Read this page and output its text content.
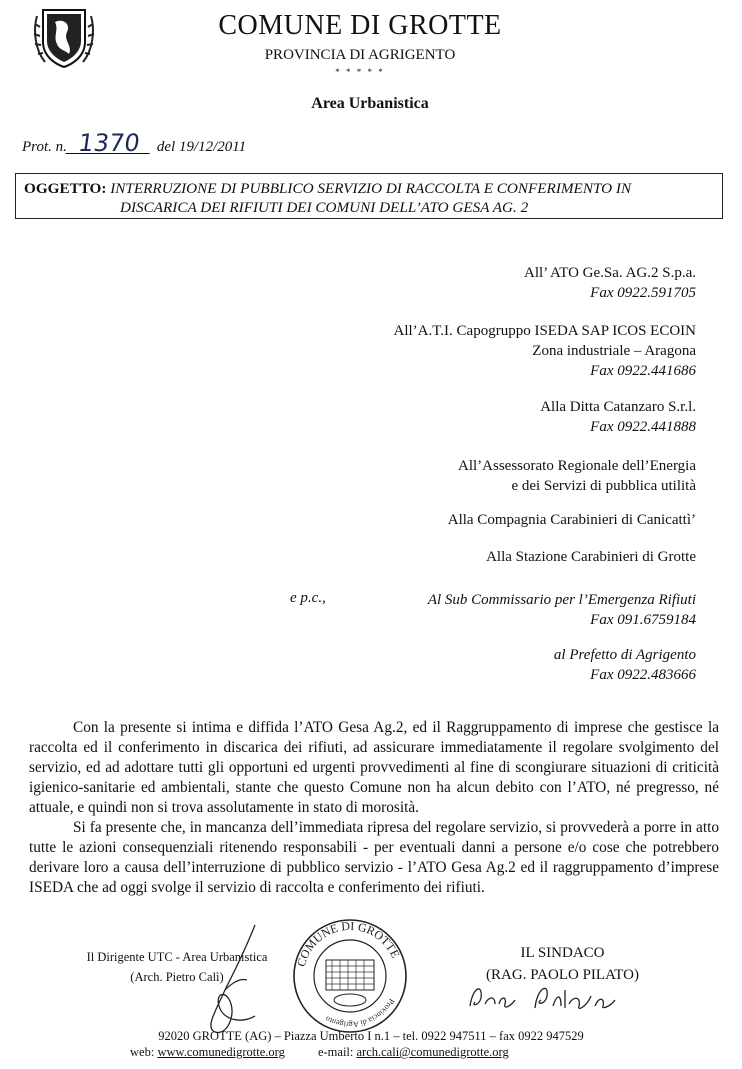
COMUNE DI GROTTE
PROVINCIA DI AGRIGENTO
* * * * *
Area Urbanistica
Prot. n. 1370 del 19/12/2011
OGGETTO: INTERRUZIONE DI PUBBLICO SERVIZIO DI RACCOLTA E CONFERIMENTO IN
DISCARICA DEI RIFIUTI DEI COMUNI DELL’ATO GESA AG. 2
All’ ATO Ge.Sa. AG.2 S.p.a.
Fax 0922.591705
All’A.T.I. Capogruppo ISEDA SAP ICOS ECOIN
Zona industriale – Aragona
Fax 0922.441686
Alla Ditta Catanzaro S.r.l.
Fax 0922.441888
All’Assessorato Regionale dell’Energia
e dei Servizi di pubblica utilità
Alla Compagnia Carabinieri di Canicattì’
Alla Stazione Carabinieri di Grotte
e p.c.,	Al Sub Commissario per l’Emergenza Rifiuti
Fax 091.6759184
al Prefetto di Agrigento
Fax 0922.483666

Con la presente si intima e diffida l’ATO Gesa Ag.2, ed il Raggruppamento di imprese che gestisce la raccolta ed il conferimento in discarica dei rifiuti, ad assicurare immediatamente il regolare svolgimento del servizio, ed ad adottare tutti gli opportuni ed urgenti provvedimenti al fine di scongiurare situazioni di criticità igienico-sanitarie ed ambientali, stante che questo Comune non ha alcun debito con l’ATO, né pregresso, né attuale, e quindi non si trova assolutamente in stato di morosità.

Si fa presente che, in mancanza dell’immediata ripresa del regolare servizio, si provvederà a porre in atto tutte le azioni consequenziali ritenendo responsabili - per eventuali danni a persone e/o cose che potrebbero derivare loro a causa dell’interruzione di pubblico servizio - l’ATO Gesa Ag.2 ed il raggruppamento d’imprese ISEDA che ad oggi svolge il servizio di raccolta e conferimento dei rifiuti.

Il Dirigente UTC - Area Urbanistica
(Arch. Pietro Calì)
IL SINDACO
(RAG. PAOLO PILATO)
COMUNE DI GROTTE
Provincia di Agrigento
92020 GROTTE (AG) – Piazza Umberto I n.1 – tel. 0922 947511 – fax 0922 947529
web: www.comunedigrotte.org	e-mail: arch.cali@comunedigrotte.org
